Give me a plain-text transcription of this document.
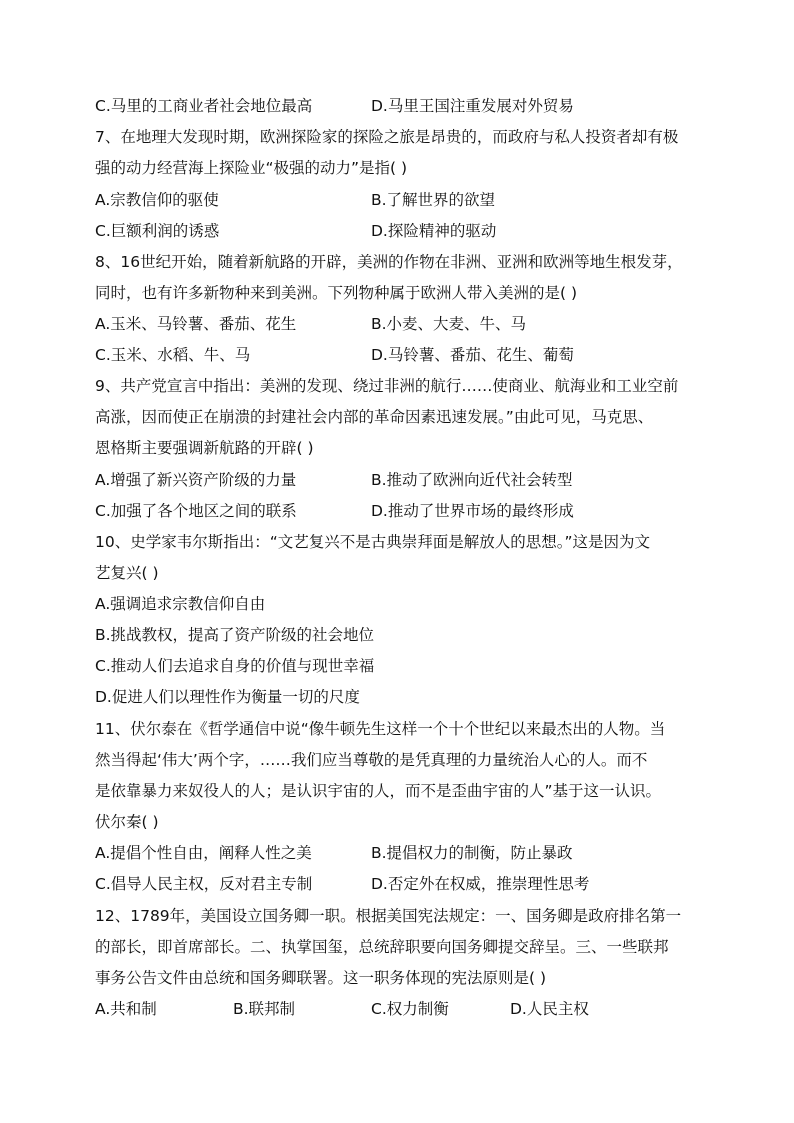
C.马里的工商业者社会地位最高	D.马里王国注重发展对外贸易
7、在地理大发现时期，欧洲探险家的探险之旅是昂贵的，而政府与私人投资者却有极
强的动力经营海上探险业“极强的动力”是指( )
A.宗教信仰的驱使	B.了解世界的欲望
C.巨额利润的诱惑	D.探险精神的驱动
8、16世纪开始，随着新航路的开辟，美洲的作物在非洲、亚洲和欧洲等地生根发芽，
同时，也有许多新物种来到美洲。下列物种属于欧洲人带入美洲的是( )
A.玉米、马铃薯、番茄、花生	B.小麦、大麦、牛、马
C.玉米、水稻、牛、马	D.马铃薯、番茄、花生、葡萄
9、共产党宣言中指出：美洲的发现、绕过非洲的航行……使商业、航海业和工业空前
高涨，因而使正在崩溃的封建社会内部的革命因素迅速发展。”由此可见，马克思、
恩格斯主要强调新航路的开辟( )
A.增强了新兴资产阶级的力量	B.推动了欧洲向近代社会转型
C.加强了各个地区之间的联系	D.推动了世界市场的最终形成
10、史学家韦尔斯指出：“文艺复兴不是古典崇拜面是解放人的思想。”这是因为文
艺复兴( )
A.强调追求宗教信仰自由
B.挑战教权，提高了资产阶级的社会地位
C.推动人们去追求自身的价值与现世幸福
D.促进人们以理性作为衡量一切的尺度
11、伏尔泰在《哲学通信中说“像牛顿先生这样一个十个世纪以来最杰出的人物。当
然当得起‘伟大’两个字，……我们应当尊敬的是凭真理的力量统治人心的人。而不
是依靠暴力来奴役人的人；是认识宇宙的人，而不是歪曲宇宙的人”基于这一认识。
伏尔秦( )
A.提倡个性自由，阐释人性之美	B.提倡权力的制衡，防止暴政
C.倡导人民主权，反对君主专制	D.否定外在权威，推崇理性思考
12、1789年，美国设立国务卿一职。根据美国宪法规定：一、国务卿是政府排名第一
的部长，即首席部长。二、执掌国玺，总统辞职要向国务卿提交辞呈。三、一些联邦
事务公告文件由总统和国务卿联署。这一职务体现的宪法原则是( )
A.共和制	B.联邦制	C.权力制衡	D.人民主权
